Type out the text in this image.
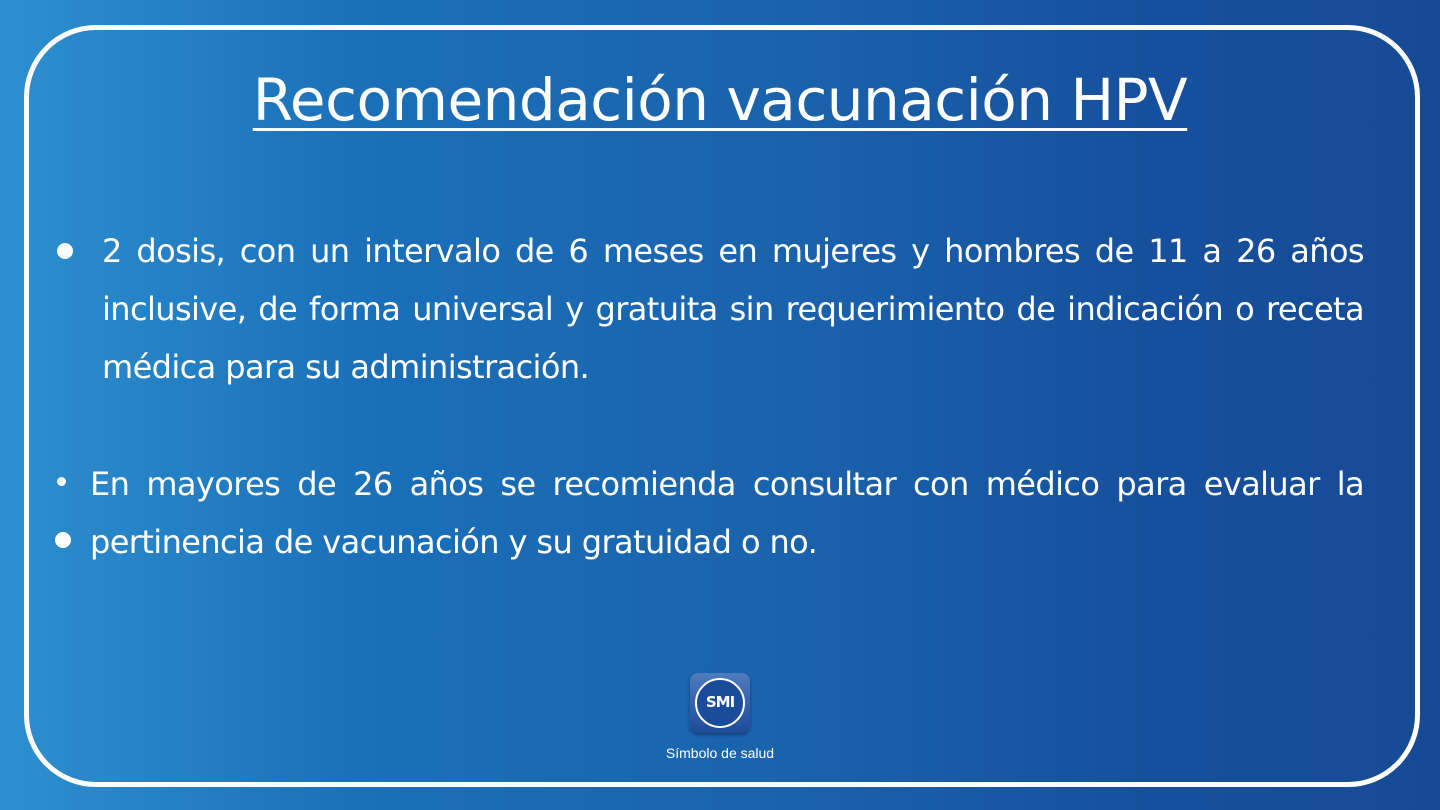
Recomendación vacunación HPV
2 dosis, con un intervalo de 6 meses en mujeres y hombres de 11 a 26 años inclusive, de forma universal y gratuita sin requerimiento de indicación o receta médica para su administración.
En mayores de 26 años se recomienda consultar con médico para evaluar la pertinencia de vacunación y su gratuidad o no.
SMI
Símbolo de salud
